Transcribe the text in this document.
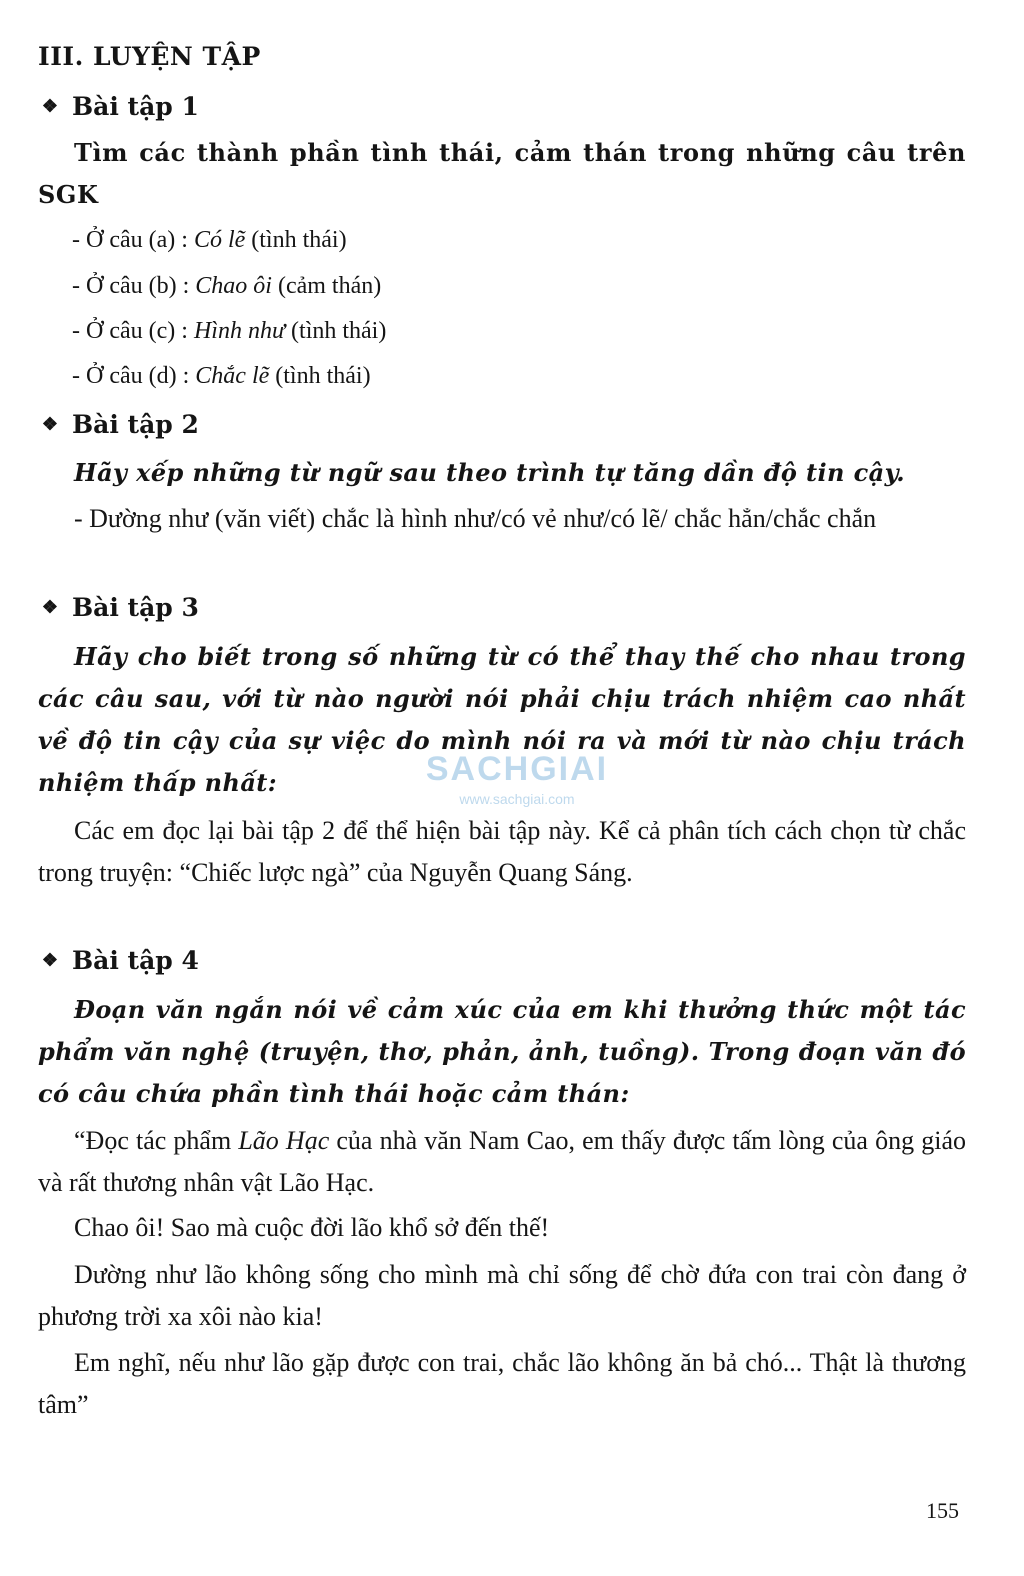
III. LUYỆN TẬP
❖ Bài tập 1
Tìm các thành phần tình thái, cảm thán trong những câu trên SGK
- Ở câu (a) : Có lẽ (tình thái)
- Ở câu (b) : Chao ôi (cảm thán)
- Ở câu (c) : Hình như (tình thái)
- Ở câu (d) : Chắc lẽ (tình thái)
❖ Bài tập 2
Hãy xếp những từ ngữ sau theo trình tự tăng dần độ tin cậy.
- Dường như (văn viết) chắc là hình như/có vẻ như/có lẽ/ chắc hẳn/chắc chắn
❖ Bài tập 3
Hãy cho biết trong số những từ có thể thay thế cho nhau trong các câu sau, với từ nào người nói phải chịu trách nhiệm cao nhất về độ tin cậy của sự việc do mình nói ra và mới từ nào chịu trách nhiệm thấp nhất:
Các em đọc lại bài tập 2 để thể hiện bài tập này. Kể cả phân tích cách chọn từ chắc trong truyện: “Chiếc lược ngà” của Nguyễn Quang Sáng.
❖ Bài tập 4
Đoạn văn ngắn nói về cảm xúc của em khi thưởng thức một tác phẩm văn nghệ (truyện, thơ, phản, ảnh, tuồng). Trong đoạn văn đó có câu chứa phần tình thái hoặc cảm thán:
“Đọc tác phẩm Lão Hạc của nhà văn Nam Cao, em thấy được tấm lòng của ông giáo và rất thương nhân vật Lão Hạc.
Chao ôi! Sao mà cuộc đời lão khổ sở đến thế!
Dường như lão không sống cho mình mà chỉ sống để chờ đứa con trai còn đang ở phương trời xa xôi nào kia!
Em nghĩ, nếu như lão gặp được con trai, chắc lão không ăn bả chó... Thật là thương tâm”
SACHGIAI
www.sachgiai.com
155
